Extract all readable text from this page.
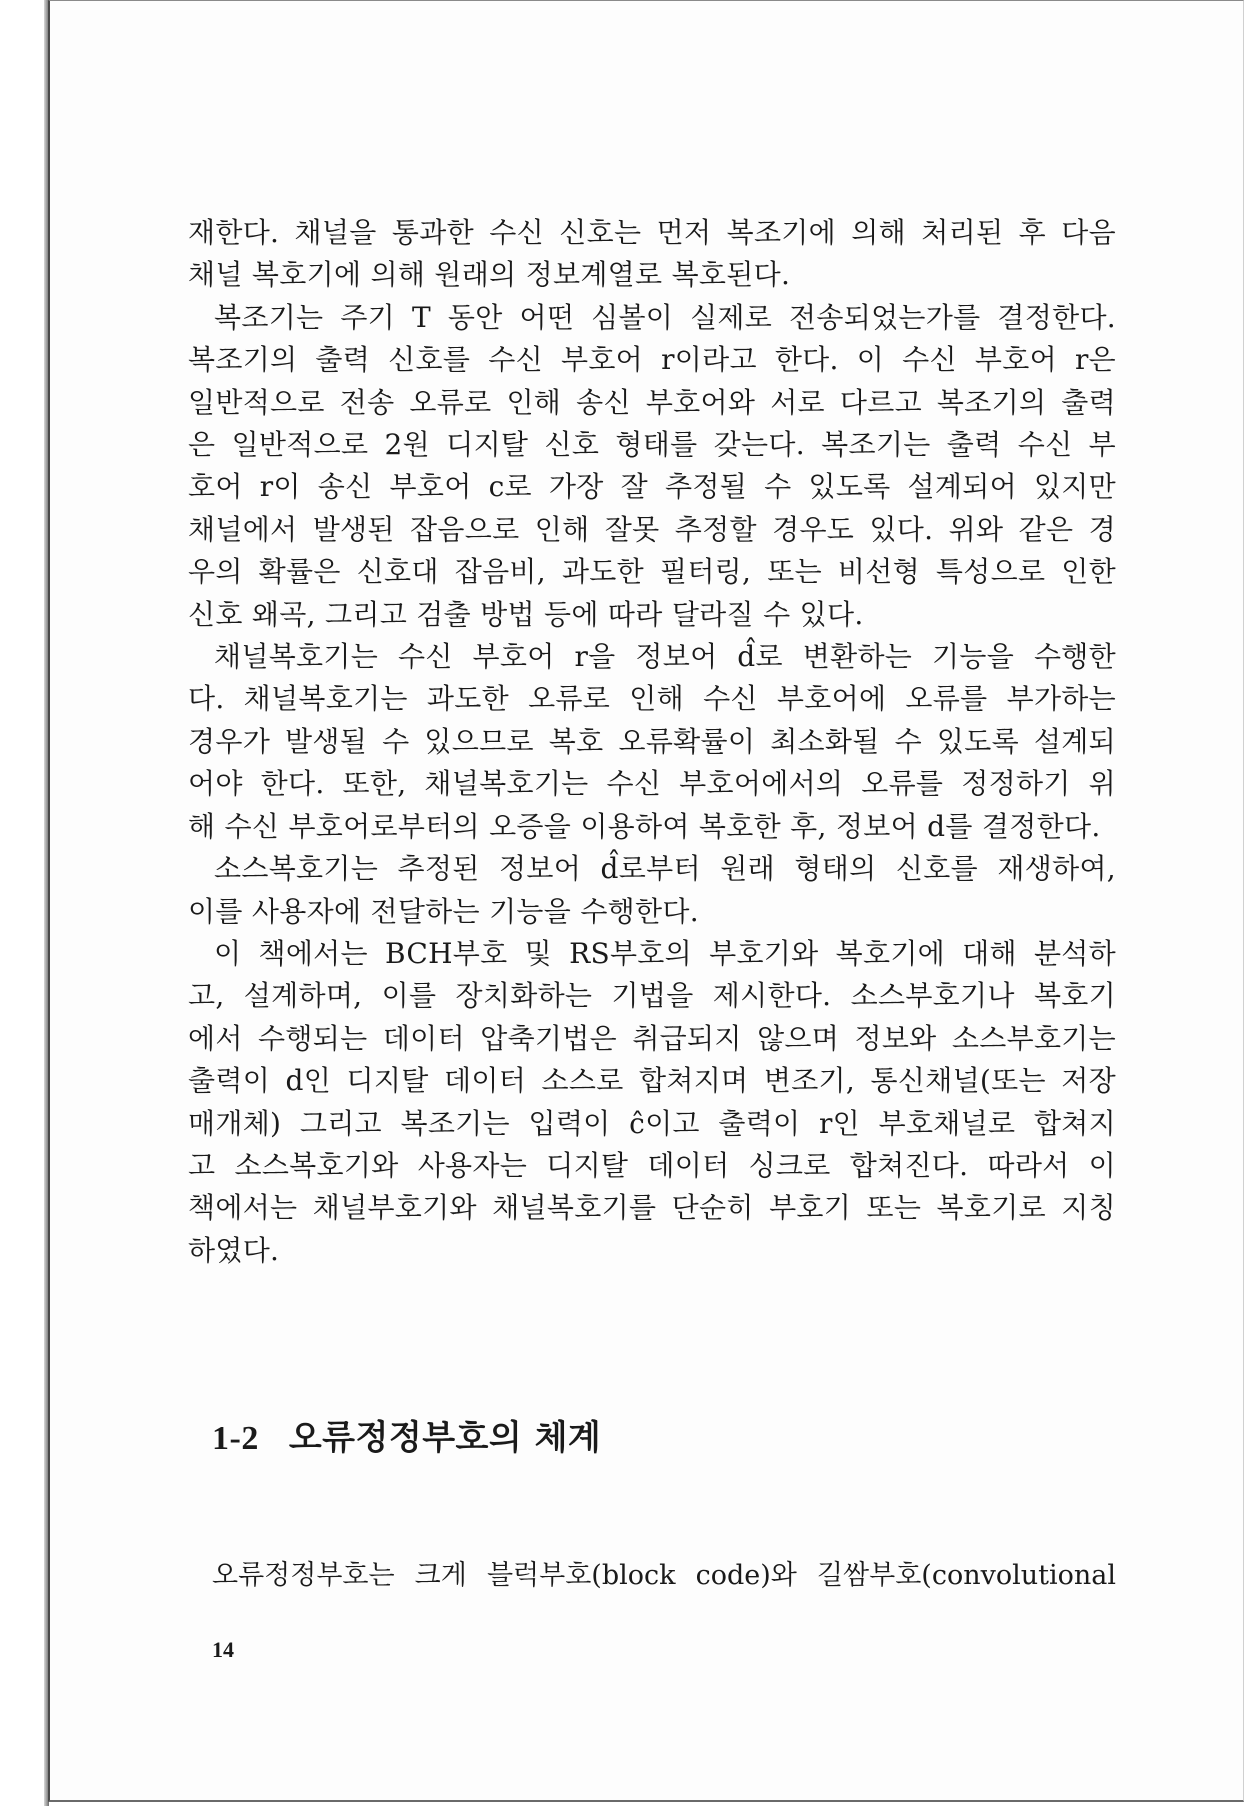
재한다. 채널을 통과한 수신 신호는 먼저 복조기에 의해 처리된 후 다음
채널 복호기에 의해 원래의 정보계열로 복호된다.

복조기는 주기 T 동안 어떤 심볼이 실제로 전송되었는가를 결정한다.
복조기의 출력 신호를 수신 부호어 r이라고 한다. 이 수신 부호어 r은
일반적으로 전송 오류로 인해 송신 부호어와 서로 다르고 복조기의 출력
은 일반적으로 2원 디지탈 신호 형태를 갖는다. 복조기는 출력 수신 부
호어 r이 송신 부호어 c로 가장 잘 추정될 수 있도록 설계되어 있지만
채널에서 발생된 잡음으로 인해 잘못 추정할 경우도 있다. 위와 같은 경
우의 확률은 신호대 잡음비, 과도한 필터링, 또는 비선형 특성으로 인한
신호 왜곡, 그리고 검출 방법 등에 따라 달라질 수 있다.

채널복호기는 수신 부호어 r을 정보어 d̂로 변환하는 기능을 수행한
다. 채널복호기는 과도한 오류로 인해 수신 부호어에 오류를 부가하는
경우가 발생될 수 있으므로 복호 오류확률이 최소화될 수 있도록 설계되
어야 한다. 또한, 채널복호기는 수신 부호어에서의 오류를 정정하기 위
해 수신 부호어로부터의 오증을 이용하여 복호한 후, 정보어 d를 결정한다.

소스복호기는 추정된 정보어 d̂로부터 원래 형태의 신호를 재생하여,
이를 사용자에 전달하는 기능을 수행한다.

이 책에서는 BCH부호 및 RS부호의 부호기와 복호기에 대해 분석하
고, 설계하며, 이를 장치화하는 기법을 제시한다. 소스부호기나 복호기
에서 수행되는 데이터 압축기법은 취급되지 않으며 정보와 소스부호기는
출력이 d인 디지탈 데이터 소스로 합쳐지며 변조기, 통신채널(또는 저장
매개체) 그리고 복조기는 입력이 ĉ이고 출력이 r인 부호채널로 합쳐지
고 소스복호기와 사용자는 디지탈 데이터 싱크로 합쳐진다. 따라서 이
책에서는 채널부호기와 채널복호기를 단순히 부호기 또는 복호기로 지칭
하였다.

1-2 오류정정부호의 체계

오류정정부호는 크게 블럭부호(block code)와 길쌈부호(convolutional

14
